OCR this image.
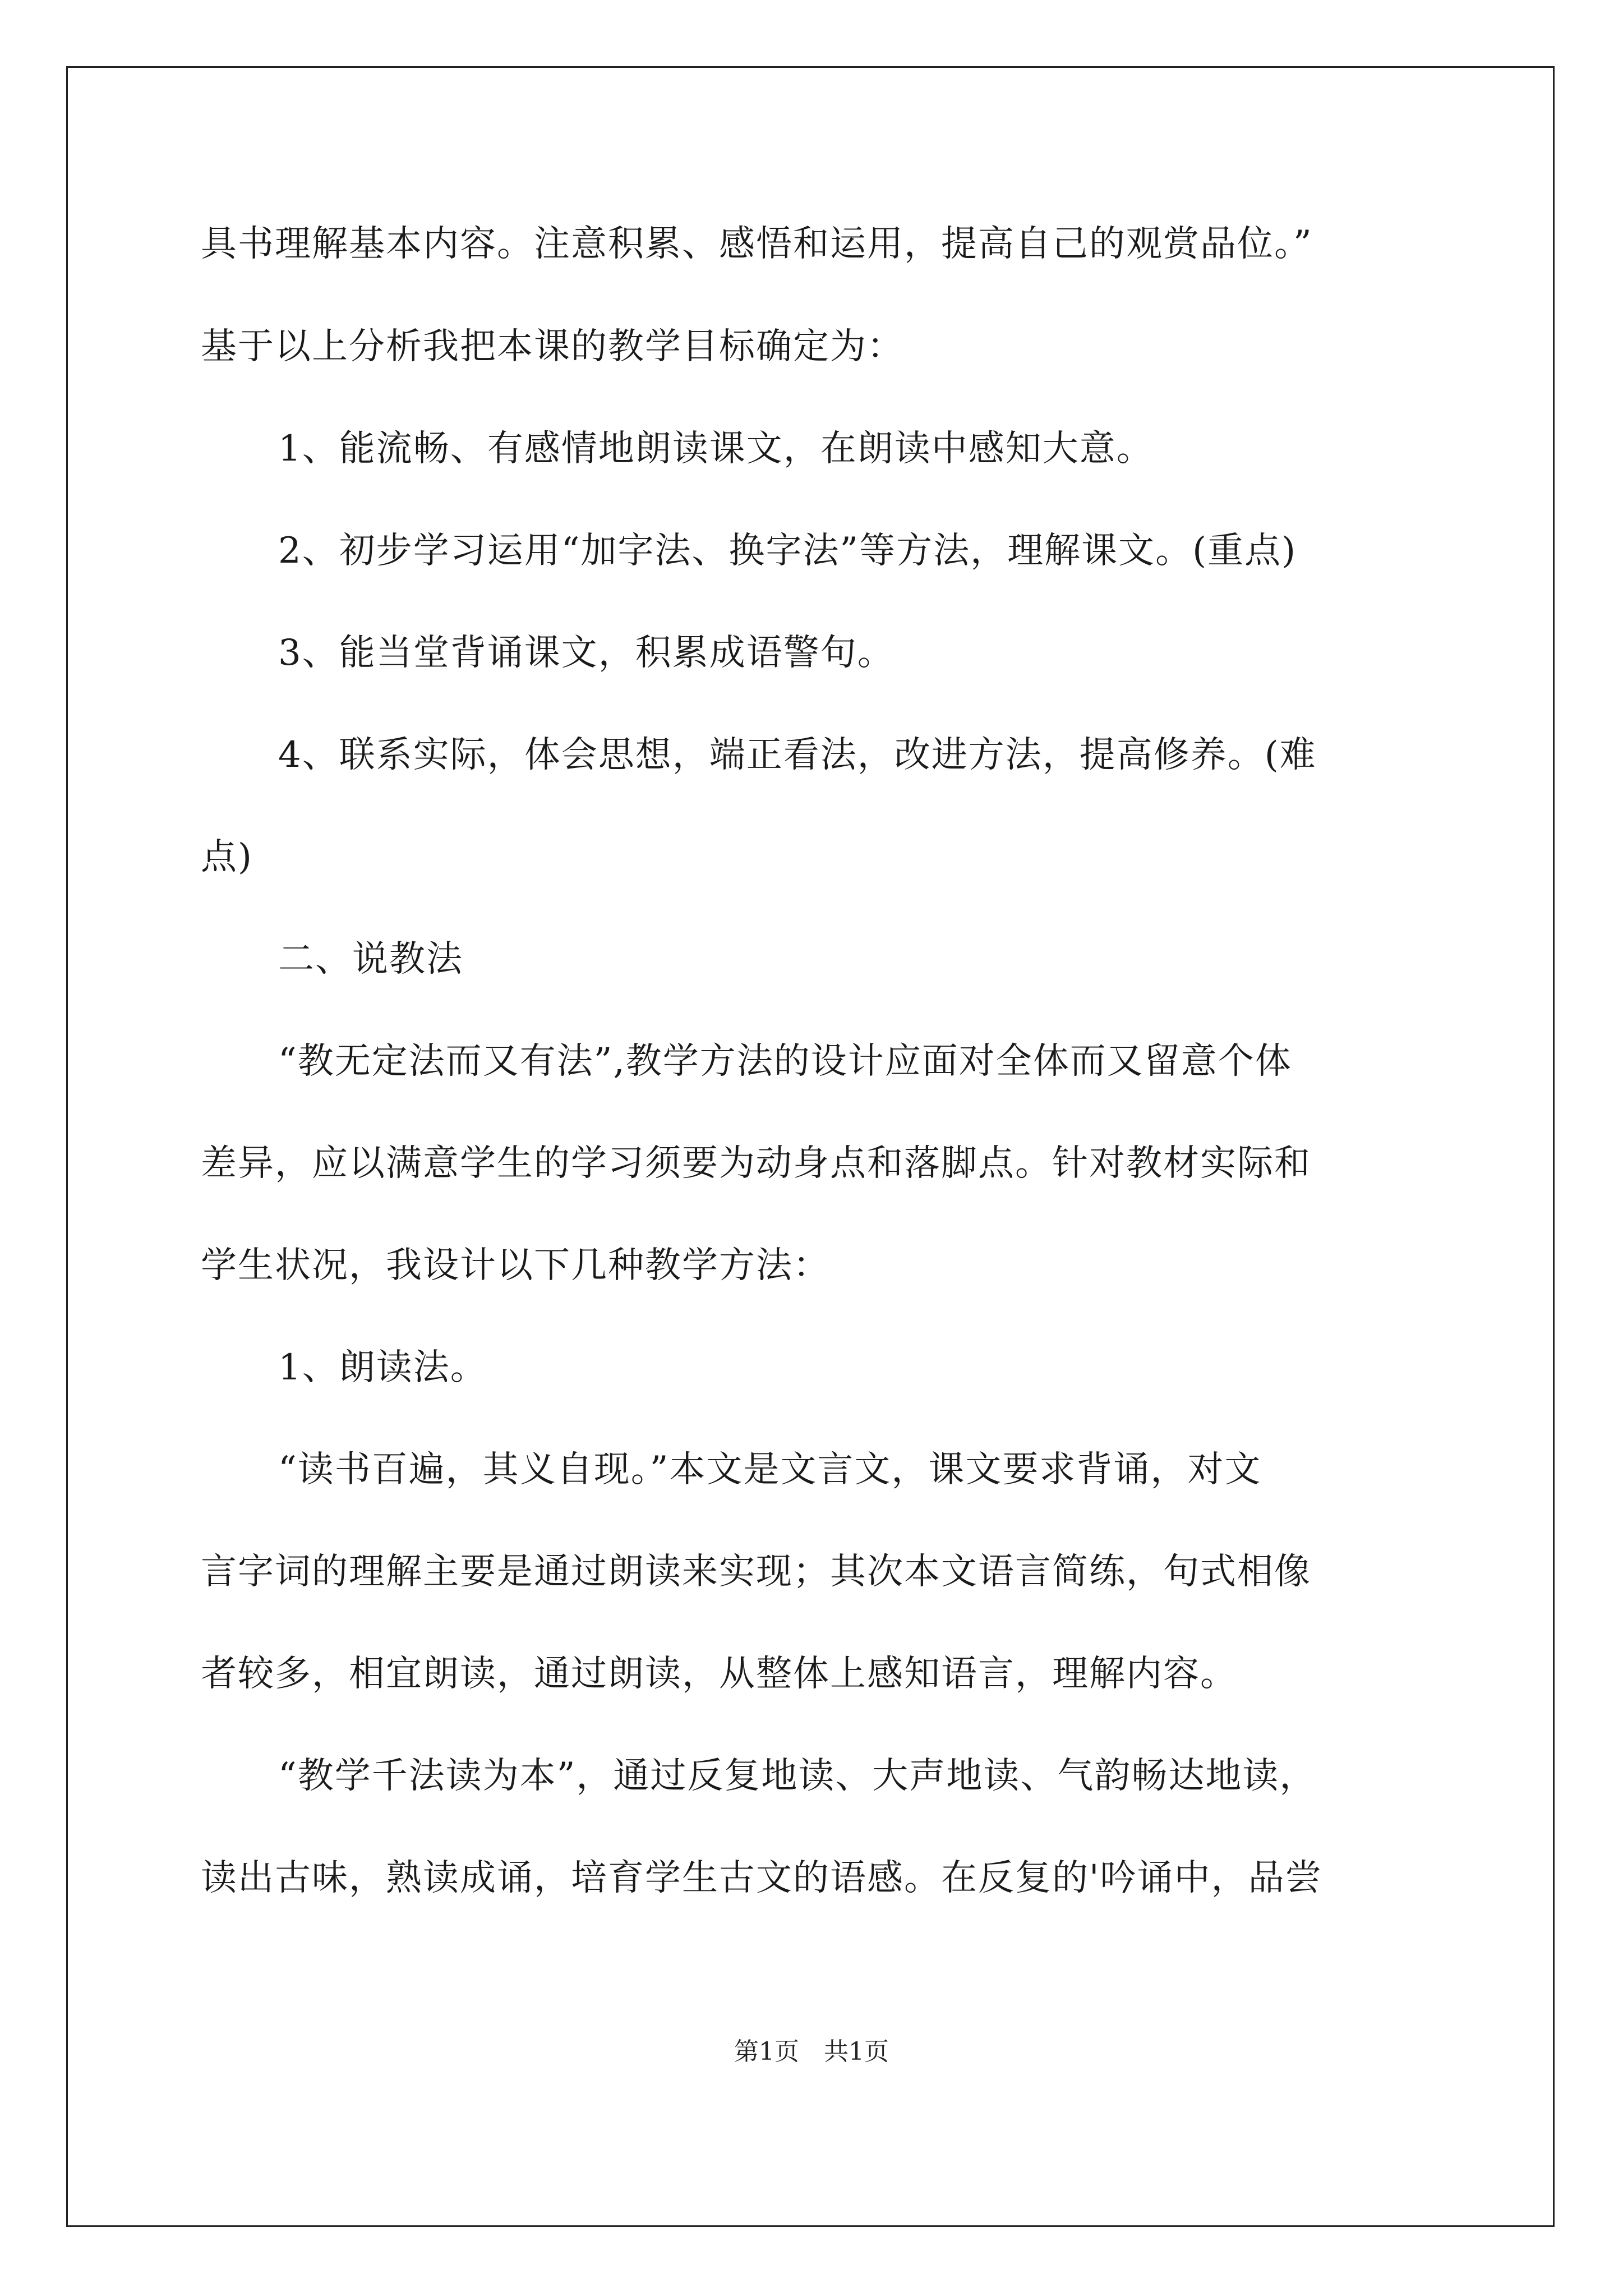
具书理解基本内容。注意积累、感悟和运用，提高自己的观赏品位。”
基于以上分析我把本课的教学目标确定为：
1、能流畅、有感情地朗读课文，在朗读中感知大意。
2、初步学习运用“加字法、换字法”等方法，理解课文。(重点)
3、能当堂背诵课文，积累成语警句。
4、联系实际，体会思想，端正看法，改进方法，提高修养。(难
点)
二、说教法
“教无定法而又有法”,教学方法的设计应面对全体而又留意个体
差异，应以满意学生的学习须要为动身点和落脚点。针对教材实际和
学生状况，我设计以下几种教学方法：
1、朗读法。
“读书百遍，其义自现。”本文是文言文，课文要求背诵，对文
言字词的理解主要是通过朗读来实现；其次本文语言简练，句式相像
者较多，相宜朗读，通过朗读，从整体上感知语言，理解内容。
“教学千法读为本”，通过反复地读、大声地读、气韵畅达地读，
读出古味，熟读成诵，培育学生古文的语感。在反复的'吟诵中，品尝
第1页　共1页
